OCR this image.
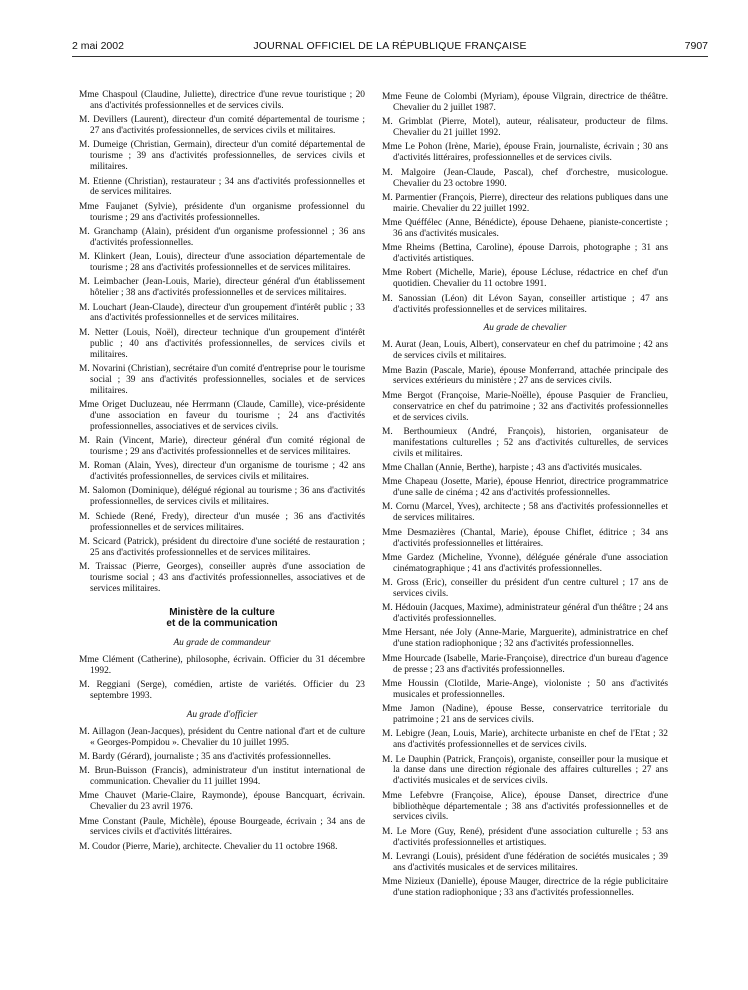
2 mai 2002	JOURNAL OFFICIEL DE LA RÉPUBLIQUE FRANÇAISE	7907

Mme Chaspoul (Claudine, Juliette), directrice d'une revue touristique ; 20 ans d'activités professionnelles et de services civils.

M. Devillers (Laurent), directeur d'un comité départemental de tourisme ; 27 ans d'activités professionnelles, de services civils et militaires.

M. Dumeige (Christian, Germain), directeur d'un comité départemental de tourisme ; 39 ans d'activités professionnelles, de services civils et militaires.

M. Etienne (Christian), restaurateur ; 34 ans d'activités professionnelles et de services militaires.

Mme Faujanet (Sylvie), présidente d'un organisme professionnel du tourisme ; 29 ans d'activités professionnelles.

M. Granchamp (Alain), président d'un organisme professionnel ; 36 ans d'activités professionnelles.

M. Klinkert (Jean, Louis), directeur d'une association départementale de tourisme ; 28 ans d'activités professionnelles et de services militaires.

M. Leimbacher (Jean-Louis, Marie), directeur général d'un établissement hôtelier ; 38 ans d'activités professionnelles et de services militaires.

M. Louchart (Jean-Claude), directeur d'un groupement d'intérêt public ; 33 ans d'activités professionnelles et de services militaires.

M. Netter (Louis, Noël), directeur technique d'un groupement d'intérêt public ; 40 ans d'activités professionnelles, de services civils et militaires.

M. Novarini (Christian), secrétaire d'un comité d'entreprise pour le tourisme social ; 39 ans d'activités professionnelles, sociales et de services militaires.

Mme Origet Ducluzeau, née Herrmann (Claude, Camille), vice-présidente d'une association en faveur du tourisme ; 24 ans d'activités professionnelles, associatives et de services civils.

M. Rain (Vincent, Marie), directeur général d'un comité régional de tourisme ; 29 ans d'activités professionnelles et de services militaires.

M. Roman (Alain, Yves), directeur d'un organisme de tourisme ; 42 ans d'activités professionnelles, de services civils et militaires.

M. Salomon (Dominique), délégué régional au tourisme ; 36 ans d'activités professionnelles, de services civils et militaires.

M. Schiede (René, Fredy), directeur d'un musée ; 36 ans d'activités professionnelles et de services militaires.

M. Scicard (Patrick), président du directoire d'une société de restauration ; 25 ans d'activités professionnelles et de services militaires.

M. Traissac (Pierre, Georges), conseiller auprès d'une association de tourisme social ; 43 ans d'activités professionnelles, associatives et de services militaires.

Ministère de la culture
et de la communication

Au grade de commandeur

Mme Clément (Catherine), philosophe, écrivain. Officier du 31 décembre 1992.

M. Reggiani (Serge), comédien, artiste de variétés. Officier du 23 septembre 1993.

Au grade d'officier

M. Aillagon (Jean-Jacques), président du Centre national d'art et de culture « Georges-Pompidou ». Chevalier du 10 juillet 1995.

M. Bardy (Gérard), journaliste ; 35 ans d'activités professionnelles.

M. Brun-Buisson (Francis), administrateur d'un institut international de communication. Chevalier du 11 juillet 1994.

Mme Chauvet (Marie-Claire, Raymonde), épouse Bancquart, écrivain. Chevalier du 23 avril 1976.

Mme Constant (Paule, Michèle), épouse Bourgeade, écrivain ; 34 ans de services civils et d'activités littéraires.

M. Coudor (Pierre, Marie), architecte. Chevalier du 11 octobre 1968.

Mme Feune de Colombi (Myriam), épouse Vilgrain, directrice de théâtre. Chevalier du 2 juillet 1987.

M. Grimblat (Pierre, Motel), auteur, réalisateur, producteur de films. Chevalier du 21 juillet 1992.

Mme Le Pohon (Irène, Marie), épouse Frain, journaliste, écrivain ; 30 ans d'activités littéraires, professionnelles et de services civils.

M. Malgoire (Jean-Claude, Pascal), chef d'orchestre, musicologue. Chevalier du 23 octobre 1990.

M. Parmentier (François, Pierre), directeur des relations publiques dans une mairie. Chevalier du 22 juillet 1992.

Mme Quéffélec (Anne, Bénédicte), épouse Dehaene, pianiste-concertiste ; 36 ans d'activités musicales.

Mme Rheims (Bettina, Caroline), épouse Darrois, photographe ; 31 ans d'activités artistiques.

Mme Robert (Michelle, Marie), épouse Lécluse, rédactrice en chef d'un quotidien. Chevalier du 11 octobre 1991.

M. Sanossian (Léon) dit Lévon Sayan, conseiller artistique ; 47 ans d'activités professionnelles et de services militaires.

Au grade de chevalier

M. Aurat (Jean, Louis, Albert), conservateur en chef du patrimoine ; 42 ans de services civils et militaires.

Mme Bazin (Pascale, Marie), épouse Monferrand, attachée principale des services extérieurs du ministère ; 27 ans de services civils.

Mme Bergot (Françoise, Marie-Noëlle), épouse Pasquier de Franclieu, conservatrice en chef du patrimoine ; 32 ans d'activités professionnelles et de services civils.

M. Berthoumieux (André, François), historien, organisateur de manifestations culturelles ; 52 ans d'activités culturelles, de services civils et militaires.

Mme Challan (Annie, Berthe), harpiste ; 43 ans d'activités musicales.

Mme Chapeau (Josette, Marie), épouse Henriot, directrice programmatrice d'une salle de cinéma ; 42 ans d'activités professionnelles.

M. Cornu (Marcel, Yves), architecte ; 58 ans d'activités professionnelles et de services militaires.

Mme Desmazières (Chantal, Marie), épouse Chiflet, éditrice ; 34 ans d'activités professionnelles et littéraires.

Mme Gardez (Micheline, Yvonne), déléguée générale d'une association cinématographique ; 41 ans d'activités professionnelles.

M. Gross (Eric), conseiller du président d'un centre culturel ; 17 ans de services civils.

M. Hédouin (Jacques, Maxime), administrateur général d'un théâtre ; 24 ans d'activités professionnelles.

Mme Hersant, née Joly (Anne-Marie, Marguerite), administratrice en chef d'une station radiophonique ; 32 ans d'activités professionnelles.

Mme Hourcade (Isabelle, Marie-Françoise), directrice d'un bureau d'agence de presse ; 23 ans d'activités professionnelles.

Mme Houssin (Clotilde, Marie-Ange), violoniste ; 50 ans d'activités musicales et professionnelles.

Mme Jamon (Nadine), épouse Besse, conservatrice territoriale du patrimoine ; 21 ans de services civils.

M. Lebigre (Jean, Louis, Marie), architecte urbaniste en chef de l'Etat ; 32 ans d'activités professionnelles et de services civils.

M. Le Dauphin (Patrick, François), organiste, conseiller pour la musique et la danse dans une direction régionale des affaires culturelles ; 27 ans d'activités musicales et de services civils.

Mme Lefebvre (Françoise, Alice), épouse Danset, directrice d'une bibliothèque départementale ; 38 ans d'activités professionnelles et de services civils.

M. Le More (Guy, René), président d'une association culturelle ; 53 ans d'activités professionnelles et artistiques.

M. Levrangi (Louis), président d'une fédération de sociétés musicales ; 39 ans d'activités musicales et de services militaires.

Mme Nizieux (Danielle), épouse Mauger, directrice de la régie publicitaire d'une station radiophonique ; 33 ans d'activités professionnelles.
